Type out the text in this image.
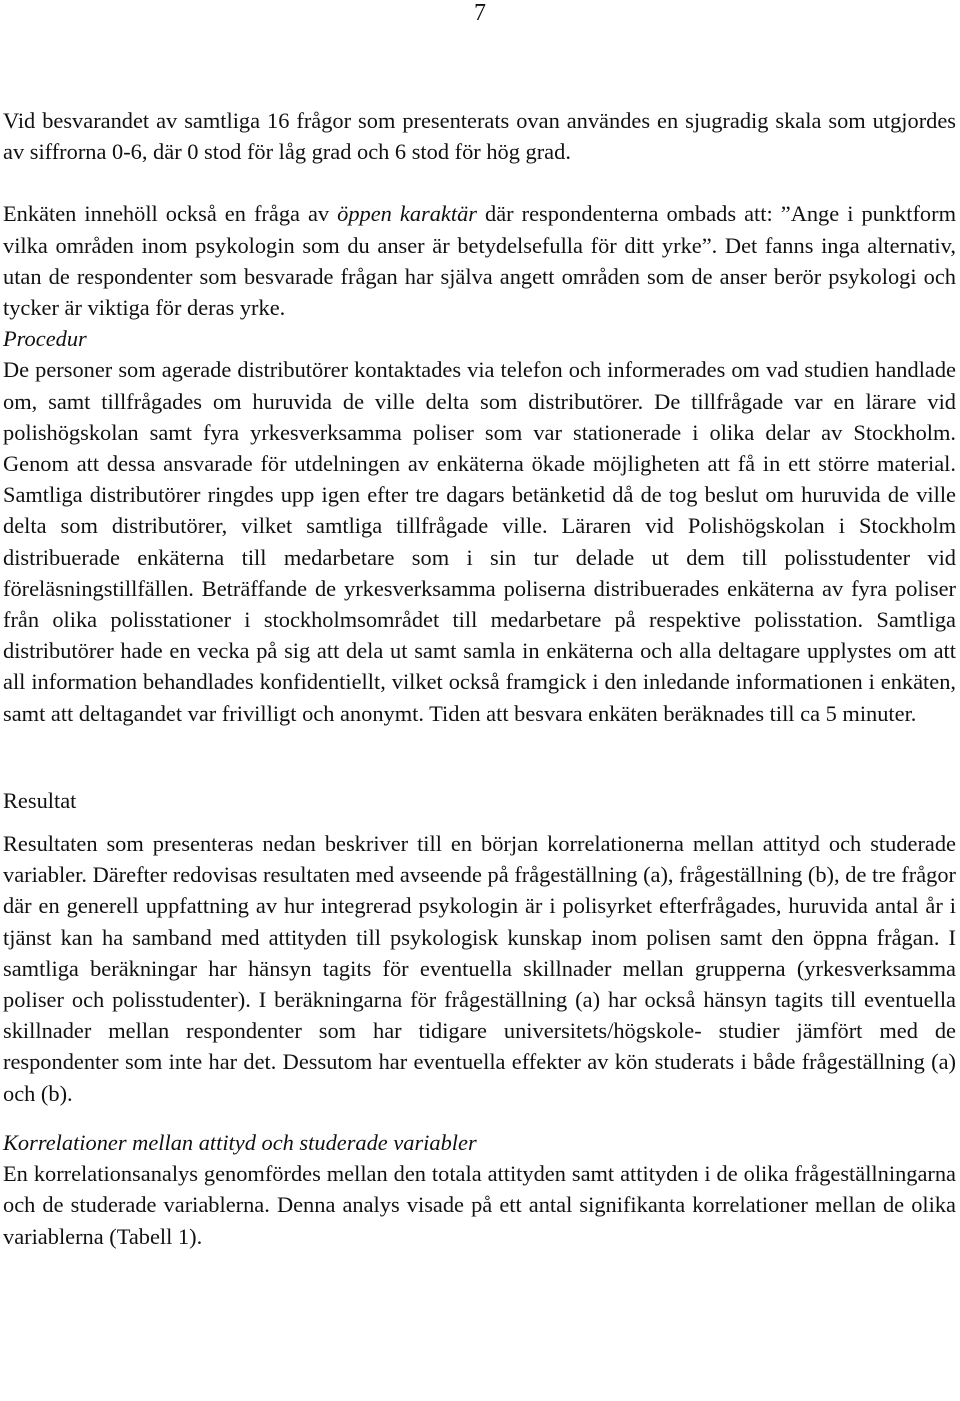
7

Vid besvarandet av samtliga 16 frågor som presenterats ovan användes en sjugradig skala som utgjordes av siffrorna 0-6, där 0 stod för låg grad och 6 stod för hög grad.

Enkäten innehöll också en fråga av öppen karaktär där respondenterna ombads att: ”Ange i punktform vilka områden inom psykologin som du anser är betydelsefulla för ditt yrke”. Det fanns inga alternativ, utan de respondenter som besvarade frågan har själva angett områden som de anser berör psykologi och tycker är viktiga för deras yrke.

Procedur

De personer som agerade distributörer kontaktades via telefon och informerades om vad studien handlade om, samt tillfrågades om huruvida de ville delta som distributörer. De tillfrågade var en lärare vid polishögskolan samt fyra yrkesverksamma poliser som var stationerade i olika delar av Stockholm. Genom att dessa ansvarade för utdelningen av enkäterna ökade möjligheten att få in ett större material. Samtliga distributörer ringdes upp igen efter tre dagars betänketid då de tog beslut om huruvida de ville delta som distributörer, vilket samtliga tillfrågade ville. Läraren vid Polishögskolan i Stockholm distribuerade enkäterna till medarbetare som i sin tur delade ut dem till polisstudenter vid föreläsningstillfällen. Beträffande de yrkesverksamma poliserna distribuerades enkäterna av fyra poliser från olika polisstationer i stockholmsområdet till medarbetare på respektive polisstation. Samtliga distributörer hade en vecka på sig att dela ut samt samla in enkäterna och alla deltagare upplystes om att all information behandlades konfidentiellt, vilket också framgick i den inledande informationen i enkäten, samt att deltagandet var frivilligt och anonymt. Tiden att besvara enkäten beräknades till ca 5 minuter.

Resultat

Resultaten som presenteras nedan beskriver till en början korrelationerna mellan attityd och studerade variabler. Därefter redovisas resultaten med avseende på frågeställning (a), frågeställning (b), de tre frågor där en generell uppfattning av hur integrerad psykologin är i polisyrket efterfrågades, huruvida antal år i tjänst kan ha samband med attityden till psykologisk kunskap inom polisen samt den öppna frågan. I samtliga beräkningar har hänsyn tagits för eventuella skillnader mellan grupperna (yrkesverksamma poliser och polisstudenter). I beräkningarna för frågeställning (a) har också hänsyn tagits till eventuella skillnader mellan respondenter som har tidigare universitets/högskole- studier jämfört med de respondenter som inte har det. Dessutom har eventuella effekter av kön studerats i både frågeställning (a) och (b).

Korrelationer mellan attityd och studerade variabler

En korrelationsanalys genomfördes mellan den totala attityden samt attityden i de olika frågeställningarna och de studerade variablerna. Denna analys visade på ett antal signifikanta korrelationer mellan de olika variablerna (Tabell 1).
